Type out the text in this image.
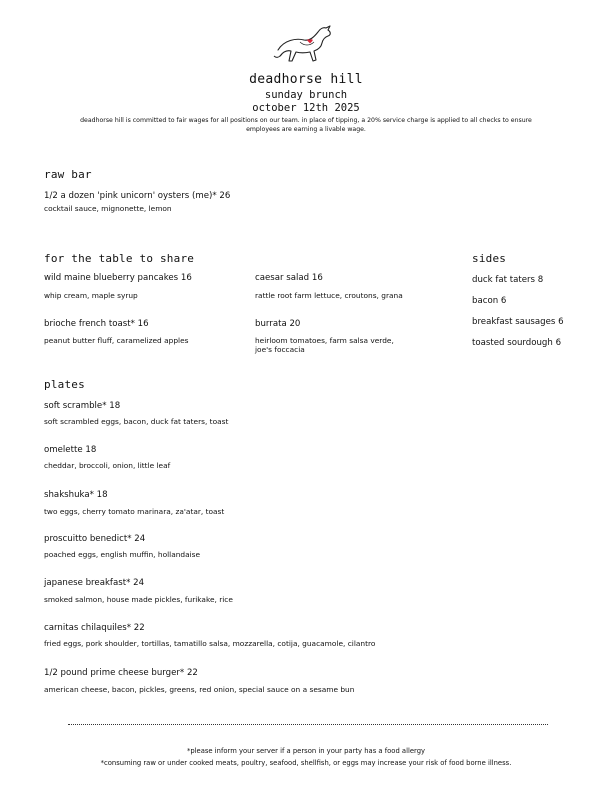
deadhorse hill
sunday brunch
october 12th 2025
deadhorse hill is committed to fair wages for all positions on our team. in place of tipping, a 20% service charge is applied to all checks to ensure
employees are earning a livable wage.
raw bar
1/2 a dozen 'pink unicorn' oysters (me)* 26
cocktail sauce, mignonette, lemon
for the table to share
wild maine blueberry pancakes 16
whip cream, maple syrup
brioche french toast* 16
peanut butter fluff, caramelized apples
caesar salad 16
rattle root farm lettuce, croutons, grana
burrata 20
heirloom tomatoes, farm salsa verde,
joe's foccacia
sides
duck fat taters 8
bacon 6
breakfast sausages 6
toasted sourdough 6
plates
soft scramble* 18
soft scrambled eggs, bacon, duck fat taters, toast
omelette 18
cheddar, broccoli, onion, little leaf
shakshuka* 18
two eggs, cherry tomato marinara, za'atar, toast
proscuitto benedict* 24
poached eggs, english muffin, hollandaise
japanese breakfast* 24
smoked salmon, house made pickles, furikake, rice
carnitas chilaquiles* 22
fried eggs, pork shoulder, tortillas, tamatillo salsa, mozzarella, cotija, guacamole, cilantro
1/2 pound prime cheese burger* 22
american cheese, bacon, pickles, greens, red onion, special sauce on a sesame bun
*please inform your server if a person in your party has a food allergy
*consuming raw or under cooked meats, poultry, seafood, shellfish, or eggs may increase your risk of food borne illness.
